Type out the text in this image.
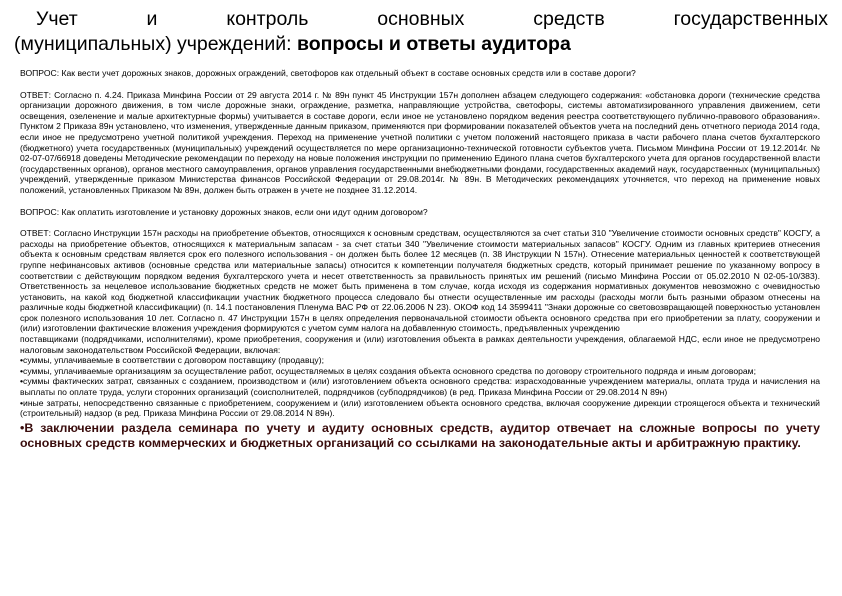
Учет и контроль основных средств государственных
(муниципальных) учреждений: вопросы и ответы аудитора

ВОПРОС: Как вести учет дорожных знаков, дорожных ограждений, светофоров как отдельный объект в составе основных средств или в составе дороги?

ОТВЕТ: Согласно п. 4.24. Приказа Минфина России от 29 августа 2014 г. № 89н пункт 45 Инструкции 157н дополнен абзацем следующего содержания: «обстановка дороги (технические средства организации дорожного движения, в том числе дорожные знаки, ограждение, разметка, направляющие устройства, светофоры, системы автоматизированного управления движением, сети освещения, озеленение и малые архитектурные формы) учитывается в составе дороги, если иное не установлено порядком ведения реестра соответствующего публично-правового образования». Пунктом 2 Приказа 89н установлено, что изменения, утвержденные данным приказом, применяются при формировании показателей объектов учета на последний день отчетного периода 2014 года, если иное не предусмотрено учетной политикой учреждения. Переход на применение учетной политики с учетом положений настоящего приказа в части рабочего плана счетов бухгалтерского (бюджетного) учета государственных (муниципальных) учреждений осуществляется по мере организационно-технической готовности субъектов учета. Письмом Минфина России от 19.12.2014г. № 02-07-07/66918 доведены Методические рекомендации по переходу на новые положения инструкции по применению Единого плана счетов бухгалтерского учета для органов государственной власти (государственных органов), органов местного самоуправления, органов управления государственными внебюджетными фондами, государственных академий наук, государственных (муниципальных) учреждений, утвержденные приказом Министерства финансов Российской Федерации от 29.08.2014г. № 89н. В Методических рекомендациях уточняется, что переход на применение новых положений, установленных Приказом № 89н, должен быть отражен в учете не позднее 31.12.2014.

ВОПРОС: Как оплатить изготовление и установку дорожных знаков, если они идут одним договором?

ОТВЕТ: Согласно Инструкции 157н расходы на приобретение объектов, относящихся к основным средствам, осуществляются за счет статьи 310 "Увеличение стоимости основных средств" КОСГУ, а расходы на приобретение объектов, относящихся к материальным запасам - за счет статьи 340 "Увеличение стоимости материальных запасов" КОСГУ. Одним из главных критериев отнесения объекта к основным средствам является срок его полезного использования - он должен быть более 12 месяцев (п. 38 Инструкции N 157н). Отнесение материальных ценностей к соответствующей группе нефинансовых активов (основные средства или материальные запасы) относится к компетенции получателя бюджетных средств, который принимает решение по указанному вопросу в соответствии с действующим порядком ведения бухгалтерского учета и несет ответственность за правильность принятых им решений (письмо Минфина России от 05.02.2010 N 02-05-10/383). Ответственность за нецелевое использование бюджетных средств не может быть применена в том случае, когда исходя из содержания нормативных документов невозможно с очевидностью установить, на какой код бюджетной классификации участник бюджетного процесса следовало бы отнести осуществленные им расходы (расходы могли быть разными образом отнесены на различные коды бюджетной классификации) (п. 14.1 постановления Пленума ВАС РФ от 22.06.2006 N 23). ОКОФ код 14 3599411 "Знаки дорожные со световозвращающей поверхностью установлен срок полезного использования 10 лет. Согласно п. 47 Инструкции 157н в целях определения первоначальной стоимости объекта основного средства при его приобретении за плату, сооружении и (или) изготовлении фактические вложения учреждения формируются с учетом сумм налога на добавленную стоимость, предъявленных учреждению

поставщиками (подрядчиками, исполнителями), кроме приобретения, сооружения и (или) изготовления объекта в рамках деятельности учреждения, облагаемой НДС, если иное не предусмотрено налоговым законодательством Российской Федерации, включая:

•суммы, уплачиваемые в соответствии с договором поставщику (продавцу);

•суммы, уплачиваемые организациям за осуществление работ, осуществляемых в целях создания объекта основного средства по договору строительного подряда и иным договорам;

•суммы фактических затрат, связанных с созданием, производством и (или) изготовлением объекта основного средства: израсходованные учреждением материалы, оплата труда и начисления на выплаты по оплате труда, услуги сторонних организаций (соисполнителей, подрядчиков (субподрядчиков) (в ред. Приказа Минфина России от 29.08.2014 N 89н)

•иные затраты, непосредственно связанные с приобретением, сооружением и (или) изготовлением объекта основного средства, включая сооружение дирекции строящегося объекта и технический (строительный) надзор (в ред. Приказа Минфина России от 29.08.2014 N 89н).

•В заключении раздела семинара по учету и аудиту основных средств, аудитор отвечает на сложные вопросы по учету основных средств коммерческих и бюджетных организаций со ссылками на законодательные акты и арбитражную практику.
